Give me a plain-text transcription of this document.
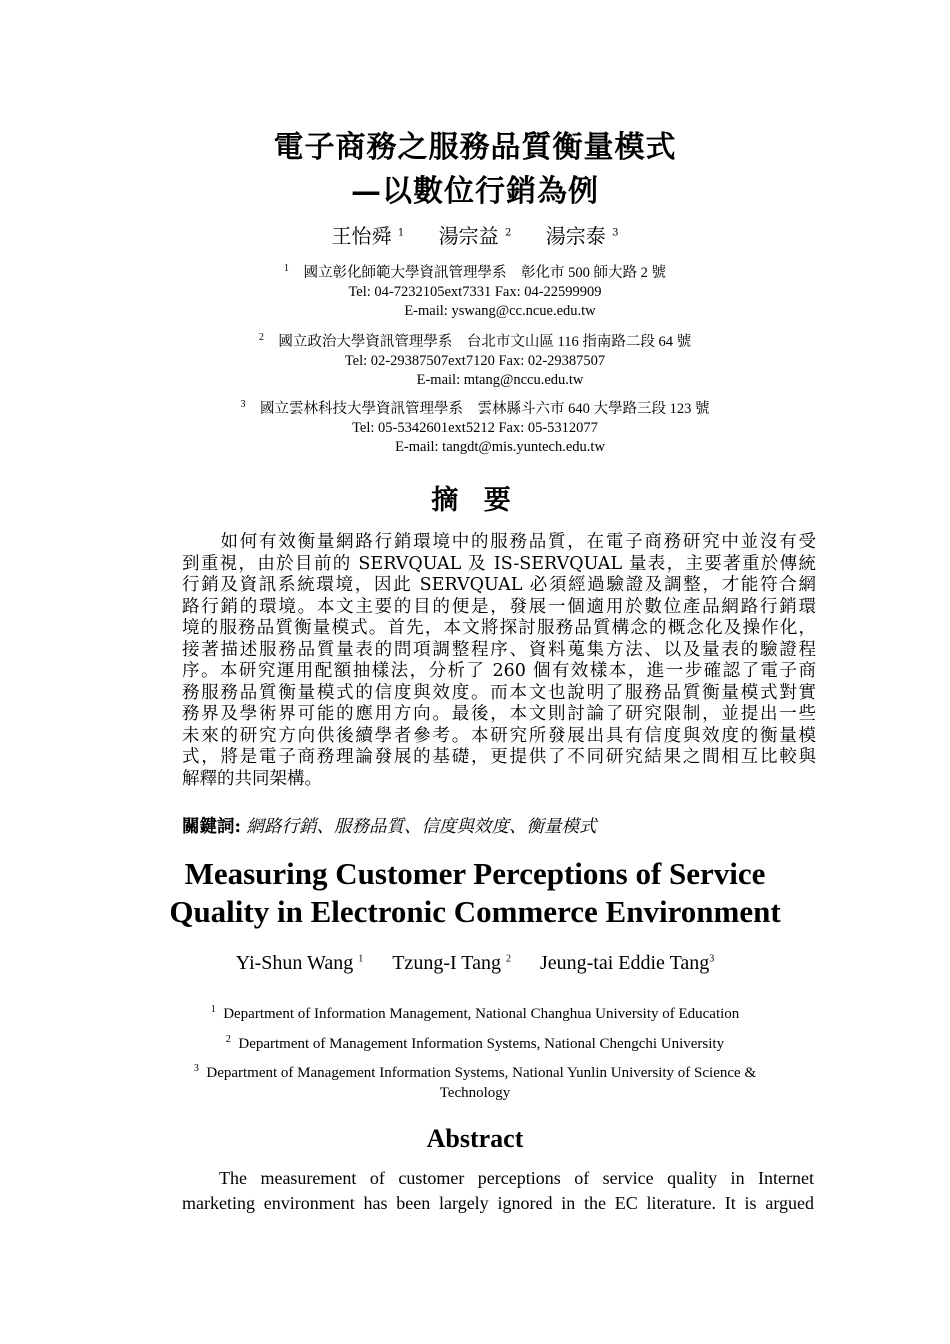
電子商務之服務品質衡量模式
—以數位行銷為例
王怡舜 $^1$ 湯宗益 $^2$ 湯宗泰 $^3$
$^1$　 國立彰化師範大學資訊管理學系　彰化市 500 師大路 2 號
Tel: 04-7232105ext7331 Fax: 04-22599909
E-mail: yswang@cc.ncue.edu.tw
$^2$　 國立政治大學資訊管理學系　台北市文山區 116 指南路二段 64 號
Tel: 02-29387507ext7120 Fax: 02-29387507
E-mail: mtang@nccu.edu.tw
$^3$　 國立雲林科技大學資訊管理學系　雲林縣斗六市 640 大學路三段 123 號
Tel: 05-5342601ext5212 Fax: 05-5312077
E-mail: tangdt@mis.yuntech.edu.tw
摘 要
　　如何有效衡量網路行銷環境中的服務品質，在電子商務研究中並沒有受
到重視，由於目前的 SERVQUAL 及 IS-SERVQUAL 量表，主要著重於傳統
行銷及資訊系統環境，因此 SERVQUAL 必須經過驗證及調整，才能符合網
路行銷的環境。本文主要的目的便是，發展一個適用於數位產品網路行銷環
境的服務品質衡量模式。首先，本文將探討服務品質構念的概念化及操作化，
接著描述服務品質量表的問項調整程序、資料蒐集方法、以及量表的驗證程
序。本研究運用配額抽樣法，分析了 260 個有效樣本，進一步確認了電子商
務服務品質衡量模式的信度與效度。而本文也說明了服務品質衡量模式對實
務界及學術界可能的應用方向。最後，本文則討論了研究限制，並提出一些
未來的研究方向供後續學者參考。本研究所發展出具有信度與效度的衡量模
式，將是電子商務理論發展的基礎，更提供了不同研究結果之間相互比較與
解釋的共同架構。
關鍵詞: 網路行銷、服務品質、信度與效度、衡量模式
Measuring Customer Perceptions of Service
Quality in Electronic Commerce Environment
Yi-Shun Wang $^1$ Tzung-I Tang $^2$ Jeung-tai Eddie Tang$^3$
$^1$ Department of Information Management, National Changhua University of Education
$^2$ Department of Management Information Systems, National Chengchi University
$^3$ Department of Management Information Systems, National Yunlin University of Science &
Technology
Abstract
The measurement of customer perceptions of service quality in Internet
marketing environment has been largely ignored in the EC literature. It is argued
